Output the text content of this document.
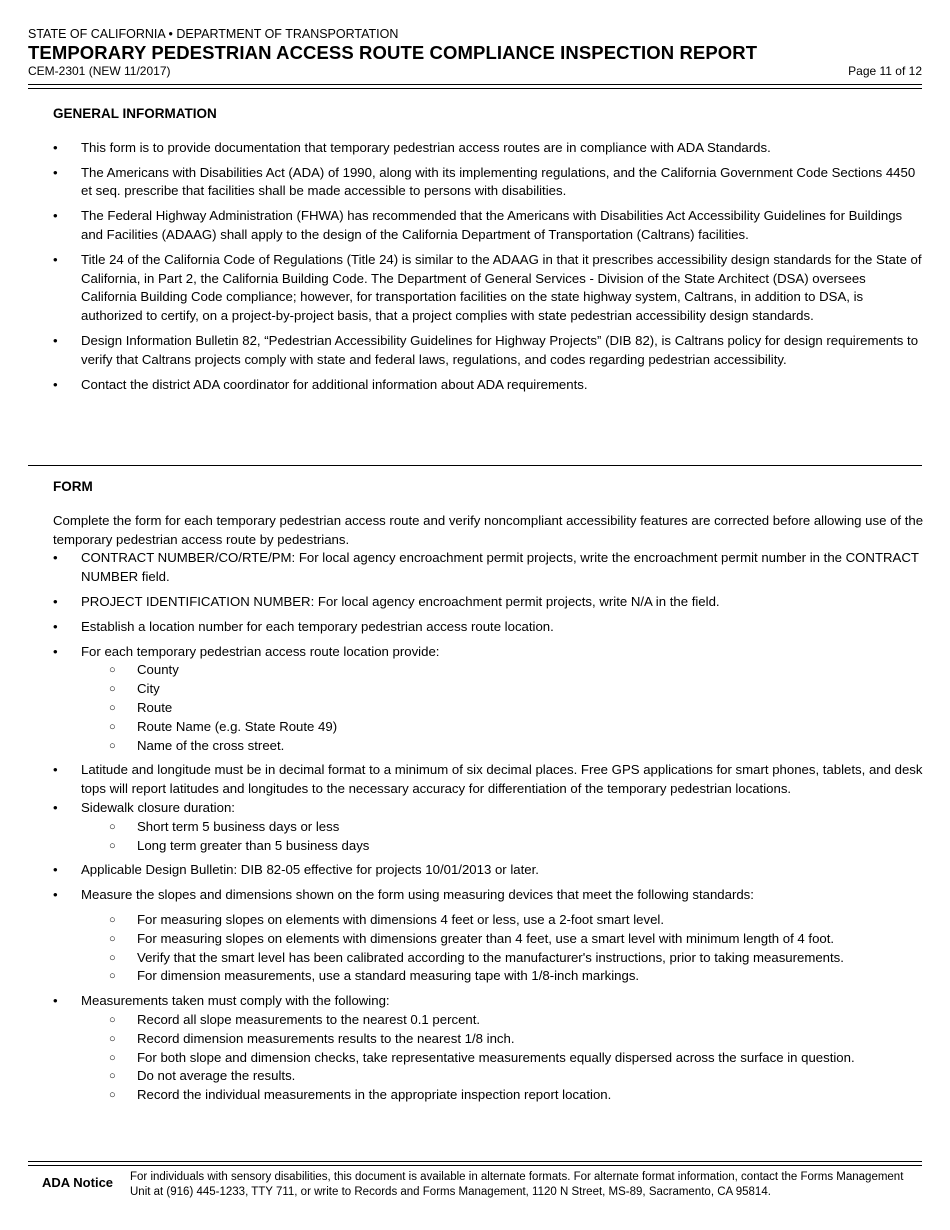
STATE OF CALIFORNIA • DEPARTMENT OF TRANSPORTATION
TEMPORARY PEDESTRIAN ACCESS ROUTE COMPLIANCE INSPECTION REPORT
CEM-2301 (NEW 11/2017)	Page 11 of 12

GENERAL INFORMATION

• This form is to provide documentation that temporary pedestrian access routes are in compliance with ADA Standards.
• The Americans with Disabilities Act (ADA) of 1990, along with its implementing regulations, and the California Government Code Sections 4450 et seq. prescribe that facilities shall be made accessible to persons with disabilities.
• The Federal Highway Administration (FHWA) has recommended that the Americans with Disabilities Act Accessibility Guidelines for Buildings and Facilities (ADAAG) shall apply to the design of the California Department of Transportation (Caltrans) facilities.
• Title 24 of the California Code of Regulations (Title 24) is similar to the ADAAG in that it prescribes accessibility design standards for the State of California, in Part 2, the California Building Code. The Department of General Services - Division of the State Architect (DSA) oversees California Building Code compliance; however, for transportation facilities on the state highway system, Caltrans, in addition to DSA, is authorized to certify, on a project-by-project basis, that a project complies with state pedestrian accessibility design standards.
• Design Information Bulletin 82, “Pedestrian Accessibility Guidelines for Highway Projects” (DIB 82), is Caltrans policy for design requirements to verify that Caltrans projects comply with state and federal laws, regulations, and codes regarding pedestrian accessibility.
• Contact the district ADA coordinator for additional information about ADA requirements.

FORM

Complete the form for each temporary pedestrian access route and verify noncompliant accessibility features are corrected before allowing use of the temporary pedestrian access route by pedestrians.

• CONTRACT NUMBER/CO/RTE/PM: For local agency encroachment permit projects, write the encroachment permit number in the CONTRACT NUMBER field.
• PROJECT IDENTIFICATION NUMBER: For local agency encroachment permit projects, write N/A in the field.
• Establish a location number for each temporary pedestrian access route location.
• For each temporary pedestrian access route location provide:
○ County
○ City
○ Route
○ Route Name (e.g. State Route 49)
○ Name of the cross street.
• Latitude and longitude must be in decimal format to a minimum of six decimal places. Free GPS applications for smart phones, tablets, and desk tops will report latitudes and longitudes to the necessary accuracy for differentiation of the temporary pedestrian locations.
• Sidewalk closure duration:
○ Short term 5 business days or less
○ Long term greater than 5 business days
• Applicable Design Bulletin: DIB 82-05 effective for projects 10/01/2013 or later.
• Measure the slopes and dimensions shown on the form using measuring devices that meet the following standards:
○ For measuring slopes on elements with dimensions 4 feet or less, use a 2-foot smart level.
○ For measuring slopes on elements with dimensions greater than 4 feet, use a smart level with minimum length of 4 foot.
○ Verify that the smart level has been calibrated according to the manufacturer's instructions, prior to taking measurements.
○ For dimension measurements, use a standard measuring tape with 1/8-inch markings.
• Measurements taken must comply with the following:
○ Record all slope measurements to the nearest 0.1 percent.
○ Record dimension measurements results to the nearest 1/8 inch.
○ For both slope and dimension checks, take representative measurements equally dispersed across the surface in question.
○ Do not average the results.
○ Record the individual measurements in the appropriate inspection report location.
ADA Notice For individuals with sensory disabilities, this document is available in alternate formats. For alternate format information, contact the Forms Management Unit at (916) 445-1233, TTY 711, or write to Records and Forms Management, 1120 N Street, MS-89, Sacramento, CA 95814.
